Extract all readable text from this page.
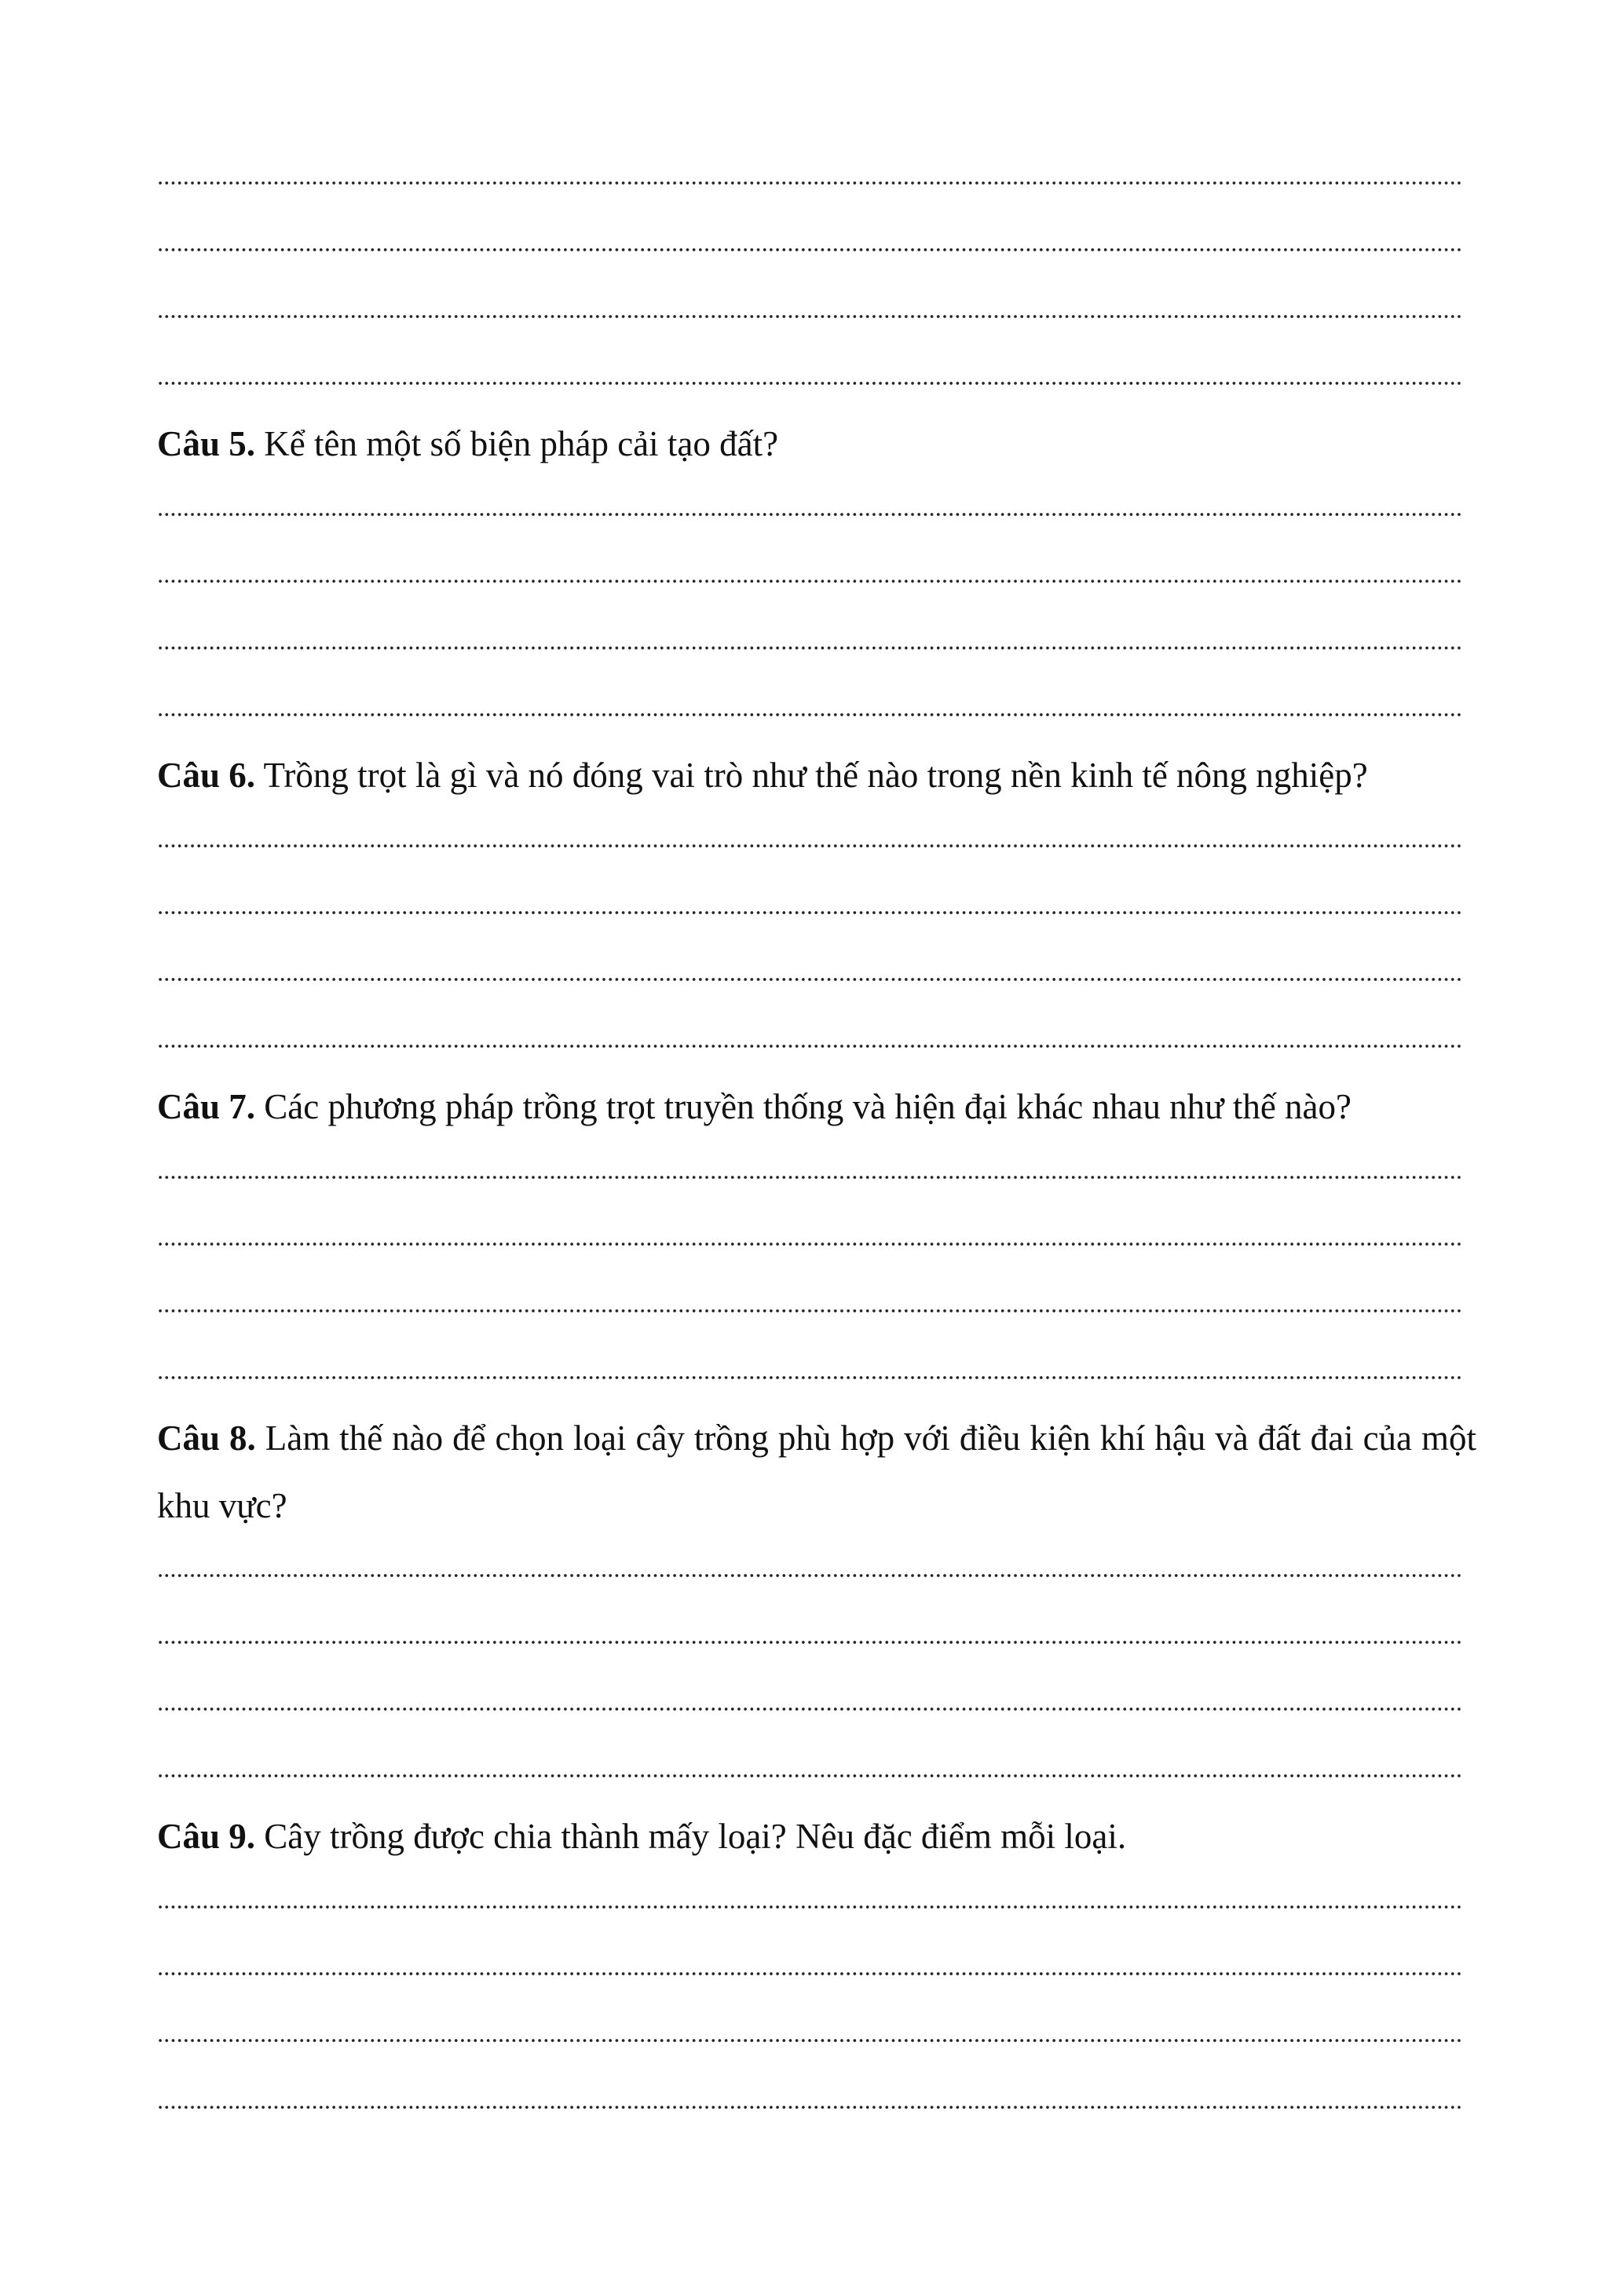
Câu 5. Kể tên một số biện pháp cải tạo đất?
Câu 6. Trồng trọt là gì và nó đóng vai trò như thế nào trong nền kinh tế nông nghiệp?
Câu 7. Các phương pháp trồng trọt truyền thống và hiện đại khác nhau như thế nào?
Câu 8. Làm thế nào để chọn loại cây trồng phù hợp với điều kiện khí hậu và đất đai của một khu vực?
Câu 9. Cây trồng được chia thành mấy loại? Nêu đặc điểm mỗi loại.
